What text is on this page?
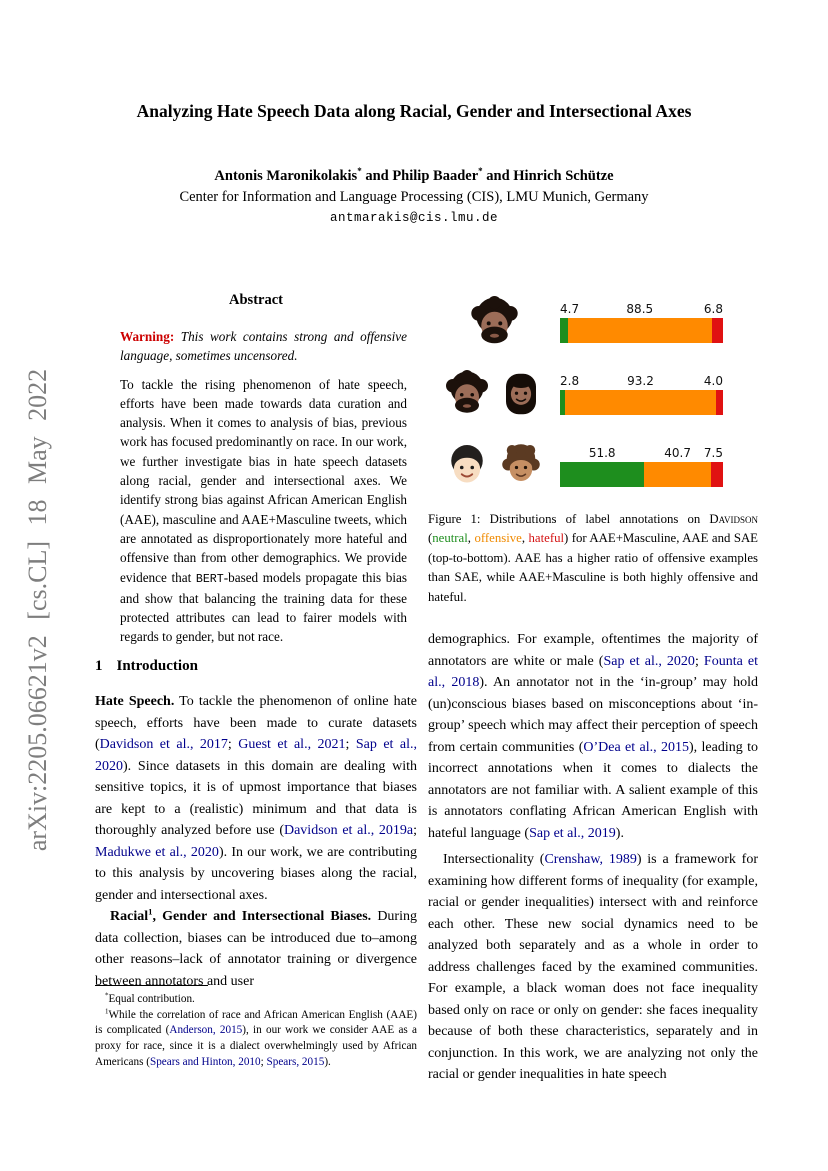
arXiv:2205.06621v2 [cs.CL] 18 May 2022
Analyzing Hate Speech Data along Racial, Gender and Intersectional Axes
Antonis Maronikolakis* and Philip Baader* and Hinrich Schütze
Center for Information and Language Processing (CIS), LMU Munich, Germany
antmarakis@cis.lmu.de
Abstract
Warning: This work contains strong and offensive language, sometimes uncensored.
To tackle the rising phenomenon of hate speech, efforts have been made towards data curation and analysis. When it comes to analysis of bias, previous work has focused predominantly on race. In our work, we further investigate bias in hate speech datasets along racial, gender and intersectional axes. We identify strong bias against African American English (AAE), masculine and AAE+Masculine tweets, which are annotated as disproportionately more hateful and offensive than from other demographics. We provide evidence that BERT-based models propagate this bias and show that balancing the training data for these protected attributes can lead to fairer models with regards to gender, but not race.
1 Introduction
Hate Speech. To tackle the phenomenon of online hate speech, efforts have been made to curate datasets (Davidson et al., 2017; Guest et al., 2021; Sap et al., 2020). Since datasets in this domain are dealing with sensitive topics, it is of upmost importance that biases are kept to a (realistic) minimum and that data is thoroughly analyzed before use (Davidson et al., 2019a; Madukwe et al., 2020). In our work, we are contributing to this analysis by uncovering biases along the racial, gender and intersectional axes.
Racial$^1$, Gender and Intersectional Biases. During data collection, biases can be introduced due to–among other reasons–lack of annotator training or divergence between annotators and user
*Equal contribution.
$^1$While the correlation of race and African American English (AAE) is complicated (Anderson, 2015), in our work we consider AAE as a proxy for race, since it is a dialect overwhelmingly used by African Americans (Spears and Hinton, 2010; Spears, 2015).
4.7	88.5	6.8
2.8	93.2	4.0
51.8	40.7 7.5
Figure 1: Distributions of label annotations on Davidson (neutral, offensive, hateful) for AAE+Masculine, AAE and SAE (top-to-bottom). AAE has a higher ratio of offensive examples than SAE, while AAE+Masculine is both highly offensive and hateful.
demographics. For example, oftentimes the majority of annotators are white or male (Sap et al., 2020; Founta et al., 2018). An annotator not in the ‘in-group’ may hold (un)conscious biases based on misconceptions about ‘in-group’ speech which may affect their perception of speech from certain communities (O’Dea et al., 2015), leading to incorrect annotations when it comes to dialects the annotators are not familiar with. A salient example of this is annotators conflating African American English with hateful language (Sap et al., 2019).
Intersectionality (Crenshaw, 1989) is a framework for examining how different forms of inequality (for example, racial or gender inequalities) intersect with and reinforce each other. These new social dynamics need to be analyzed both separately and as a whole in order to address challenges faced by the examined communities. For example, a black woman does not face inequality based only on race or only on gender: she faces inequality because of both these characteristics, separately and in conjunction. In this work, we are analyzing not only the racial or gender inequalities in hate speech
